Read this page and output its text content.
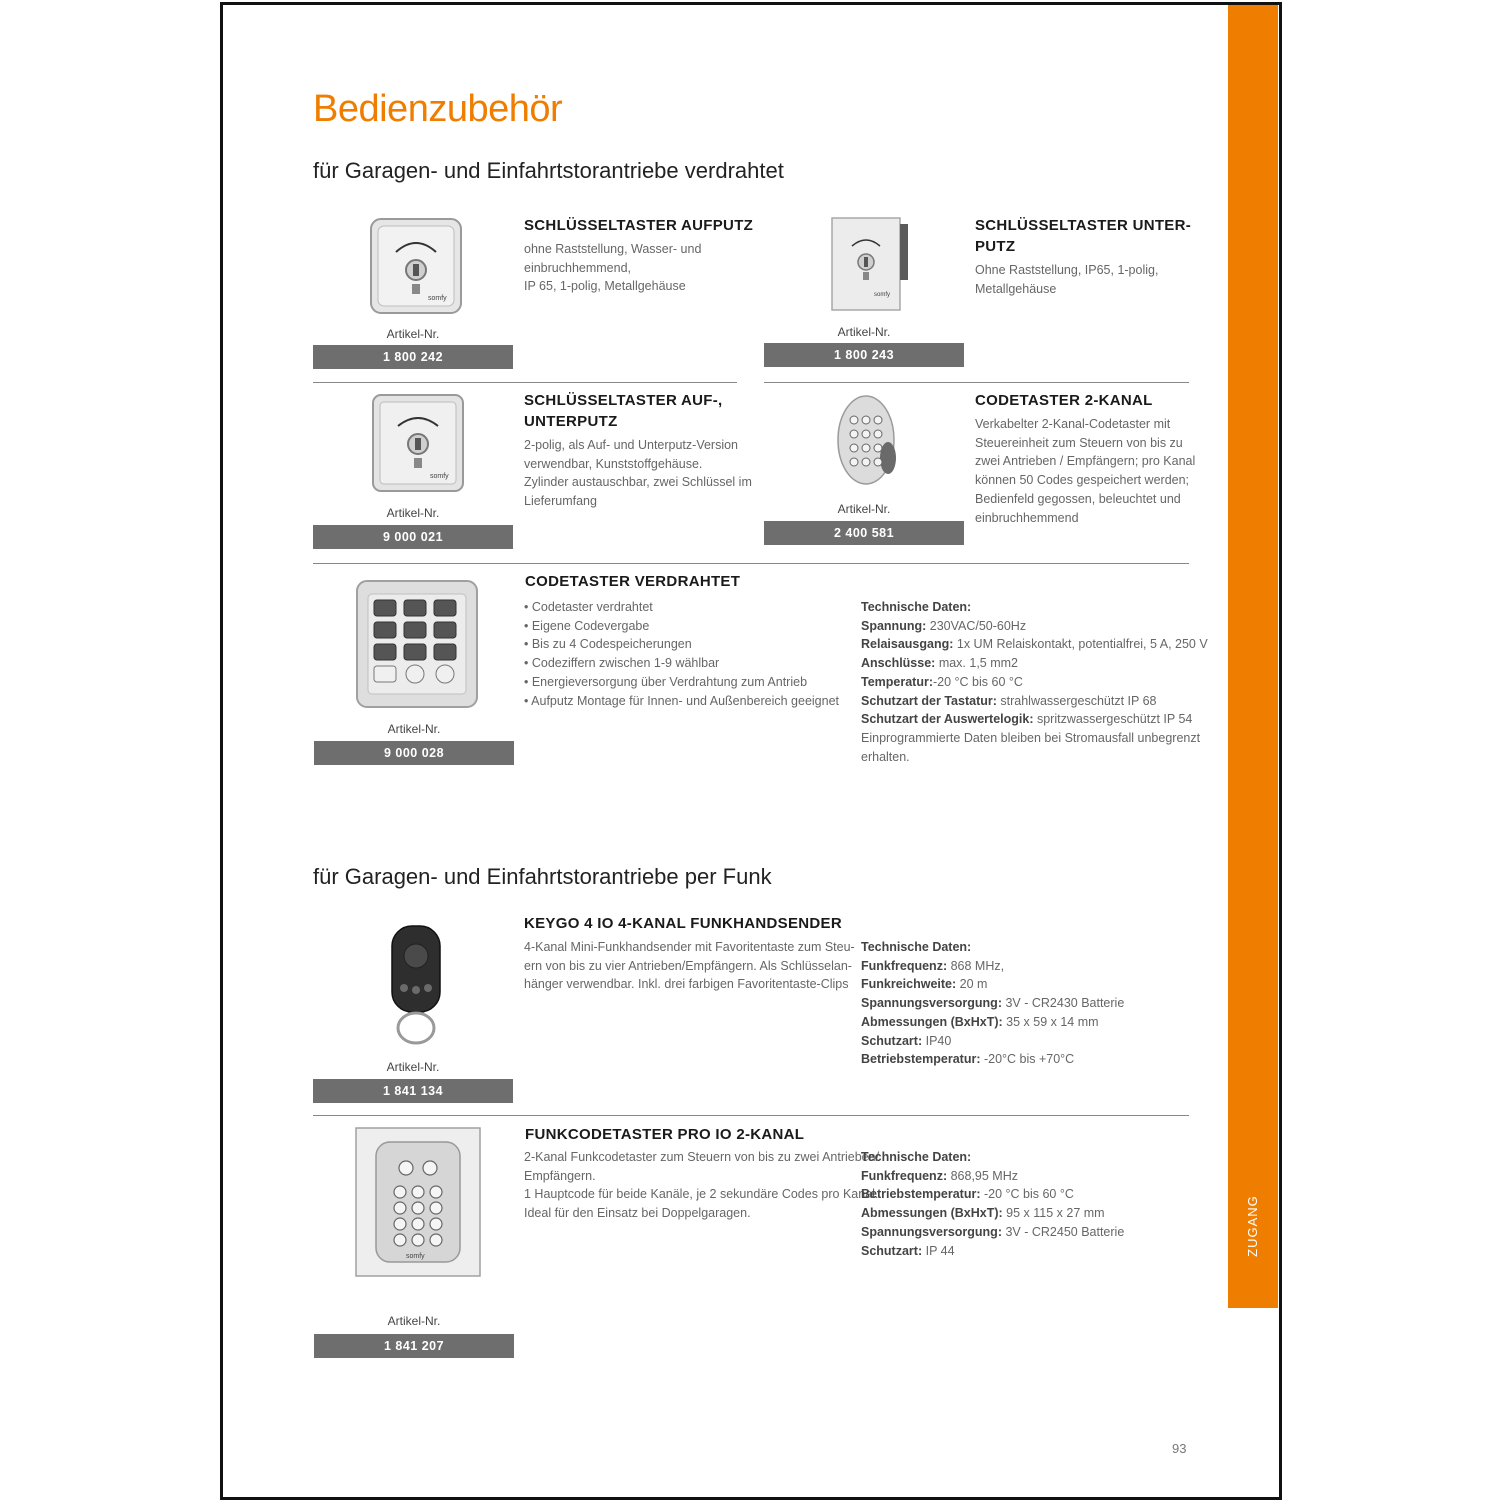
ZUGANG
Bedienzubehör
für Garagen- und Einfahrtstorantriebe verdrahtet
für Garagen- und Einfahrtstorantriebe per Funk
somfy
SCHLÜSSELTASTER AUFPUTZ
ohne Raststellung, Wasser- und
einbruchhemmend,
IP 65, 1-polig, Metallgehäuse
Artikel-Nr.
1 800 242
somfy
SCHLÜSSELTASTER UNTER-
PUTZ
Ohne Raststellung, IP65, 1-polig,
Metallgehäuse
Artikel-Nr.
1 800 243
somfy
SCHLÜSSELTASTER AUF-,
UNTERPUTZ
2-polig, als Auf- und Unterputz-Version
verwendbar, Kunststoffgehäuse.
Zylinder austauschbar, zwei Schlüssel im
Lieferumfang
Artikel-Nr.
9 000 021
CODETASTER 2-KANAL
Verkabelter 2-Kanal-Codetaster mit
Steuereinheit zum Steuern von bis zu
zwei Antrieben / Empfängern; pro Kanal
können 50 Codes gespeichert werden;
Bedienfeld gegossen, beleuchtet und
einbruchhemmend
Artikel-Nr.
2 400 581
CODETASTER VERDRAHTET
• Codetaster verdrahtet
• Eigene Codevergabe
• Bis zu 4 Codespeicherungen
• Codeziffern zwischen 1-9 wählbar
• Energieversorgung über Verdrahtung zum Antrieb
• Aufputz Montage für Innen- und Außenbereich geeignet
Technische Daten:
Spannung: 230VAC/50-60Hz
Relaisausgang: 1x UM Relaiskontakt, potentialfrei, 5 A, 250 V
Anschlüsse: max. 1,5 mm2
Temperatur:-20 °C bis 60 °C
Schutzart der Tastatur: strahlwassergeschützt IP 68
Schutzart der Auswertelogik: spritzwassergeschützt IP 54
Einprogrammierte Daten bleiben bei Stromausfall unbegrenzt
erhalten.
Artikel-Nr.
9 000 028
KEYGO 4 IO 4-KANAL FUNKHANDSENDER
4-Kanal Mini-Funkhandsender mit Favoritentaste zum Steu-
ern von bis zu vier Antrieben/Empfängern. Als Schlüsselan-
hänger verwendbar. Inkl. drei farbigen Favoritentaste-Clips
Technische Daten:
Funkfrequenz: 868 MHz,
Funkreichweite: 20 m
Spannungsversorgung: 3V - CR2430 Batterie
Abmessungen (BxHxT): 35 x 59 x 14 mm
Schutzart: IP40
Betriebstemperatur: -20°C bis +70°C
Artikel-Nr.
1 841 134
somfy
FUNKCODETASTER PRO IO 2-KANAL
2-Kanal Funkcodetaster zum Steuern von bis zu zwei Antrieben/
Empfängern.
1 Hauptcode für beide Kanäle, je 2 sekundäre Codes pro Kanal.
Ideal für den Einsatz bei Doppelgaragen.
Technische Daten:
Funkfrequenz: 868,95 MHz
Betriebstemperatur: -20 °C bis 60 °C
Abmessungen (BxHxT): 95 x 115 x 27 mm
Spannungsversorgung: 3V - CR2450 Batterie
Schutzart: IP 44
Artikel-Nr.
1 841 207
93
